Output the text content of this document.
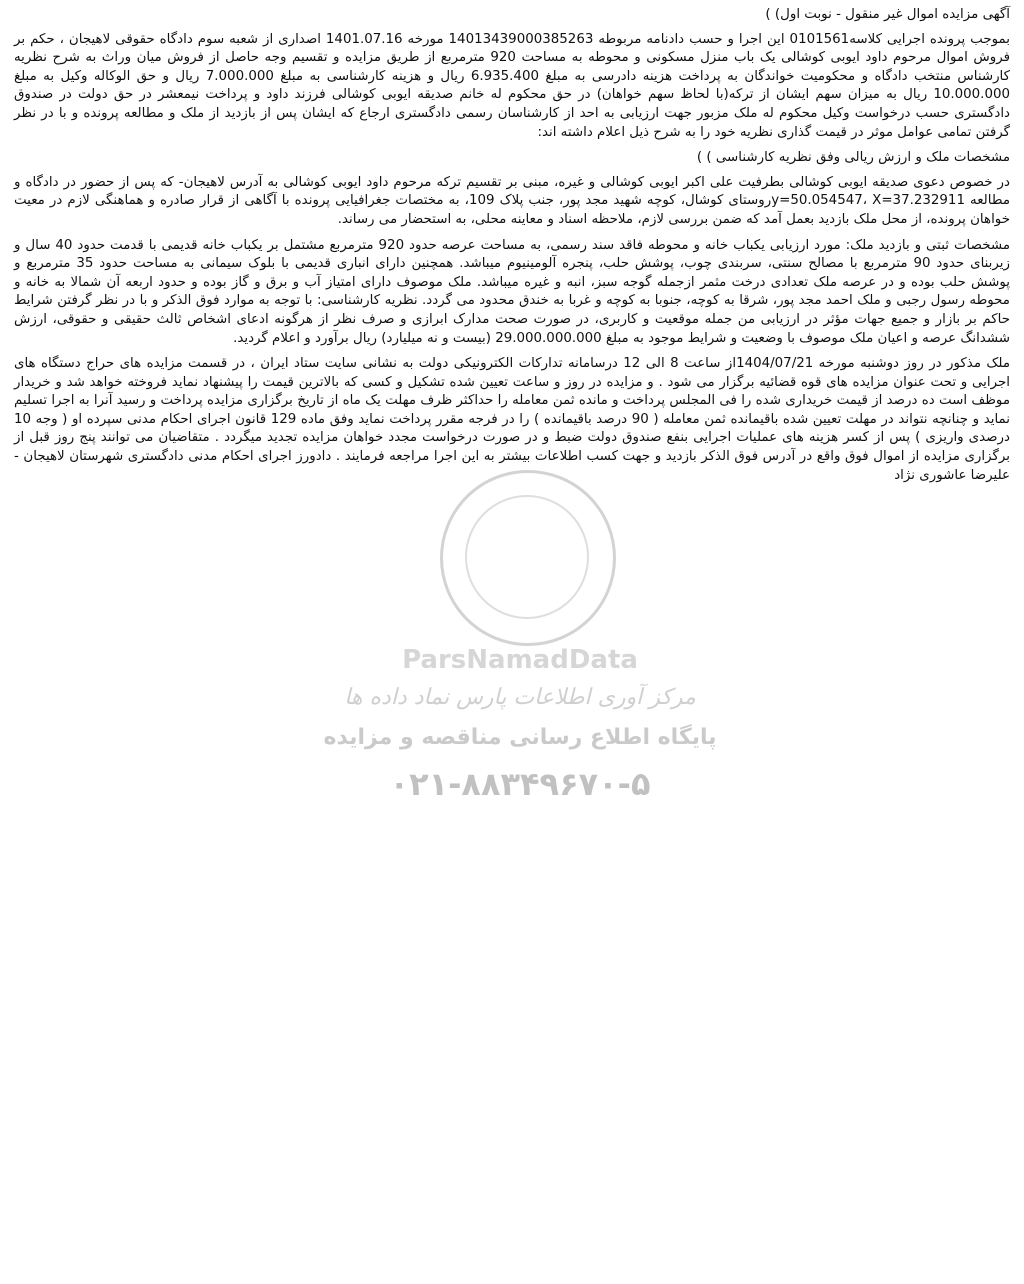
ParsNamadData
مرکز آوری اطلاعات پارس نماد داده ها
پایگاه اطلاع رسانی مناقصه و مزایده
۰۲۱-۸۸۳۴۹۶۷۰-۵

آگهی مزایده اموال غیر منقول - نوبت اول) )

بموجب پرونده اجرایی کلاسه0101561 این اجرا و حسب دادنامه مربوطه 14013439000385263 مورخه 1401.07.16 اصداری از شعبه سوم دادگاه حقوقی لاهیجان ، حکم بر فروش اموال مرحوم داود ایوبی کوشالی یک باب منزل مسکونی و محوطه به مساحت 920 مترمربع از طریق مزایده و تقسیم وجه حاصل از فروش میان وراث به شرح نظریه کارشناس منتخب دادگاه و محکومیت خواندگان به پرداخت هزینه دادرسی به مبلغ 6.935.400 ریال و هزینه کارشناسی به مبلغ 7.000.000 ریال و حق الوکاله وکیل به مبلغ 10.000.000 ریال به میزان سهم ایشان از ترکه(با لحاظ سهم خواهان) در حق محکوم له خانم صدیقه ایوبی کوشالی فرزند داود و پرداخت نیمعشر در حق دولت در صندوق دادگستری حسب درخواست وکیل محکوم له ملک مزبور جهت ارزیابی به احد از کارشناسان رسمی دادگستری ارجاع که ایشان پس از بازدید از ملک و مطالعه پرونده و با در نظر گرفتن تمامی عوامل موثر در قیمت گذاری نظریه خود را به شرح ذیل اعلام داشته اند:

مشخصات ملک و ارزش ریالی وفق نظریه کارشناسی ) )

در خصوص دعوی صدیقه ایوبی کوشالی بطرفیت علی اکبر ایوبی کوشالی و غیره، مبنی بر تقسیم ترکه مرحوم داود ایوبی کوشالی به آدرس لاهیجان- که پس از حضور در دادگاه و مطالعه y=50.054547، X=37.232911روستای کوشال، کوچه شهید مجد پور، جنب پلاک 109، به مختصات جغرافیایی پرونده با آگاهی از قرار صادره و هماهنگی لازم در معیت خواهان پرونده، از محل ملک بازدید بعمل آمد که ضمن بررسی لازم، ملاحظه اسناد و معاینه محلی، به استحضار می رساند.

مشخصات ثبتی و بازدید ملک: مورد ارزیابی یکباب خانه و محوطه فاقد سند رسمی، به مساحت عرصه حدود 920 مترمربع مشتمل بر یکباب خانه قدیمی با قدمت حدود 40 سال و زیربنای حدود 90 مترمربع با مصالح سنتی، سربندی چوب، پوشش حلب، پنجره آلومینیوم میباشد. همچنین دارای انباری قدیمی با بلوک سیمانی به مساحت حدود 35 مترمربع و پوشش حلب بوده و در عرصه ملک تعدادی درخت مثمر ازجمله گوجه سبز، انبه و غیره میباشد. ملک موصوف دارای امتیاز آب و برق و گاز بوده و حدود اربعه آن شمالا به خانه و محوطه رسول رجبی و ملک احمد مجد پور، شرقا به کوچه، جنوبا به کوچه و غربا به خندق محدود می گردد. نظریه کارشناسی: با توجه به موارد فوق الذکر و با در نظر گرفتن شرایط حاکم بر بازار و جمیع جهات مؤثر در ارزیابی من جمله موقعیت و کاربری، در صورت صحت مدارک ابرازی و صرف نظر از هرگونه ادعای اشخاص ثالث حقیقی و حقوقی، ارزش ششدانگ عرصه و اعیان ملک موصوف با وضعیت و شرایط موجود به مبلغ 29.000.000.000 (بیست و نه میلیارد) ریال برآورد و اعلام گردید.

ملک مذکور در روز دوشنبه مورخه 1404/07/21از ساعت 8 الی 12 درسامانه تدارکات الکترونیکی دولت به نشانی سایت ستاد ایران ، در قسمت مزایده های حراج دستگاه های اجرایی و تحت عنوان مزایده های قوه قضائیه برگزار می شود . و مزایده در روز و ساعت تعیین شده تشکیل و کسی که بالاترین قیمت را پیشنهاد نماید فروخته خواهد شد و خریدار موظف است ده درصد از قیمت خریداری شده را فی المجلس پرداخت و مانده ثمن معامله را حداکثر ظرف مهلت یک ماه از تاریخ برگزاری مزایده پرداخت و رسید آنرا به اجرا تسلیم نماید و چنانچه نتواند در مهلت تعیین شده باقیمانده ثمن معامله ( 90 درصد باقیمانده ) را در فرجه مقرر پرداخت نماید وفق ماده 129 قانون اجرای احکام مدنی سپرده او ( وجه 10 درصدی واریزی ) پس از کسر هزینه های عملیات اجرایی بنفع صندوق دولت ضبط و در صورت درخواست مجدد خواهان مزایده تجدید میگردد . متقاضیان می توانند پنج روز قبل از برگزاری مزایده از اموال فوق واقع در آدرس فوق الذکر بازدید و جهت کسب اطلاعات بیشتر به این اجرا مراجعه فرمایند . دادورز اجرای احکام مدنی دادگستری شهرستان لاهیجان - علیرضا عاشوری نژاد
